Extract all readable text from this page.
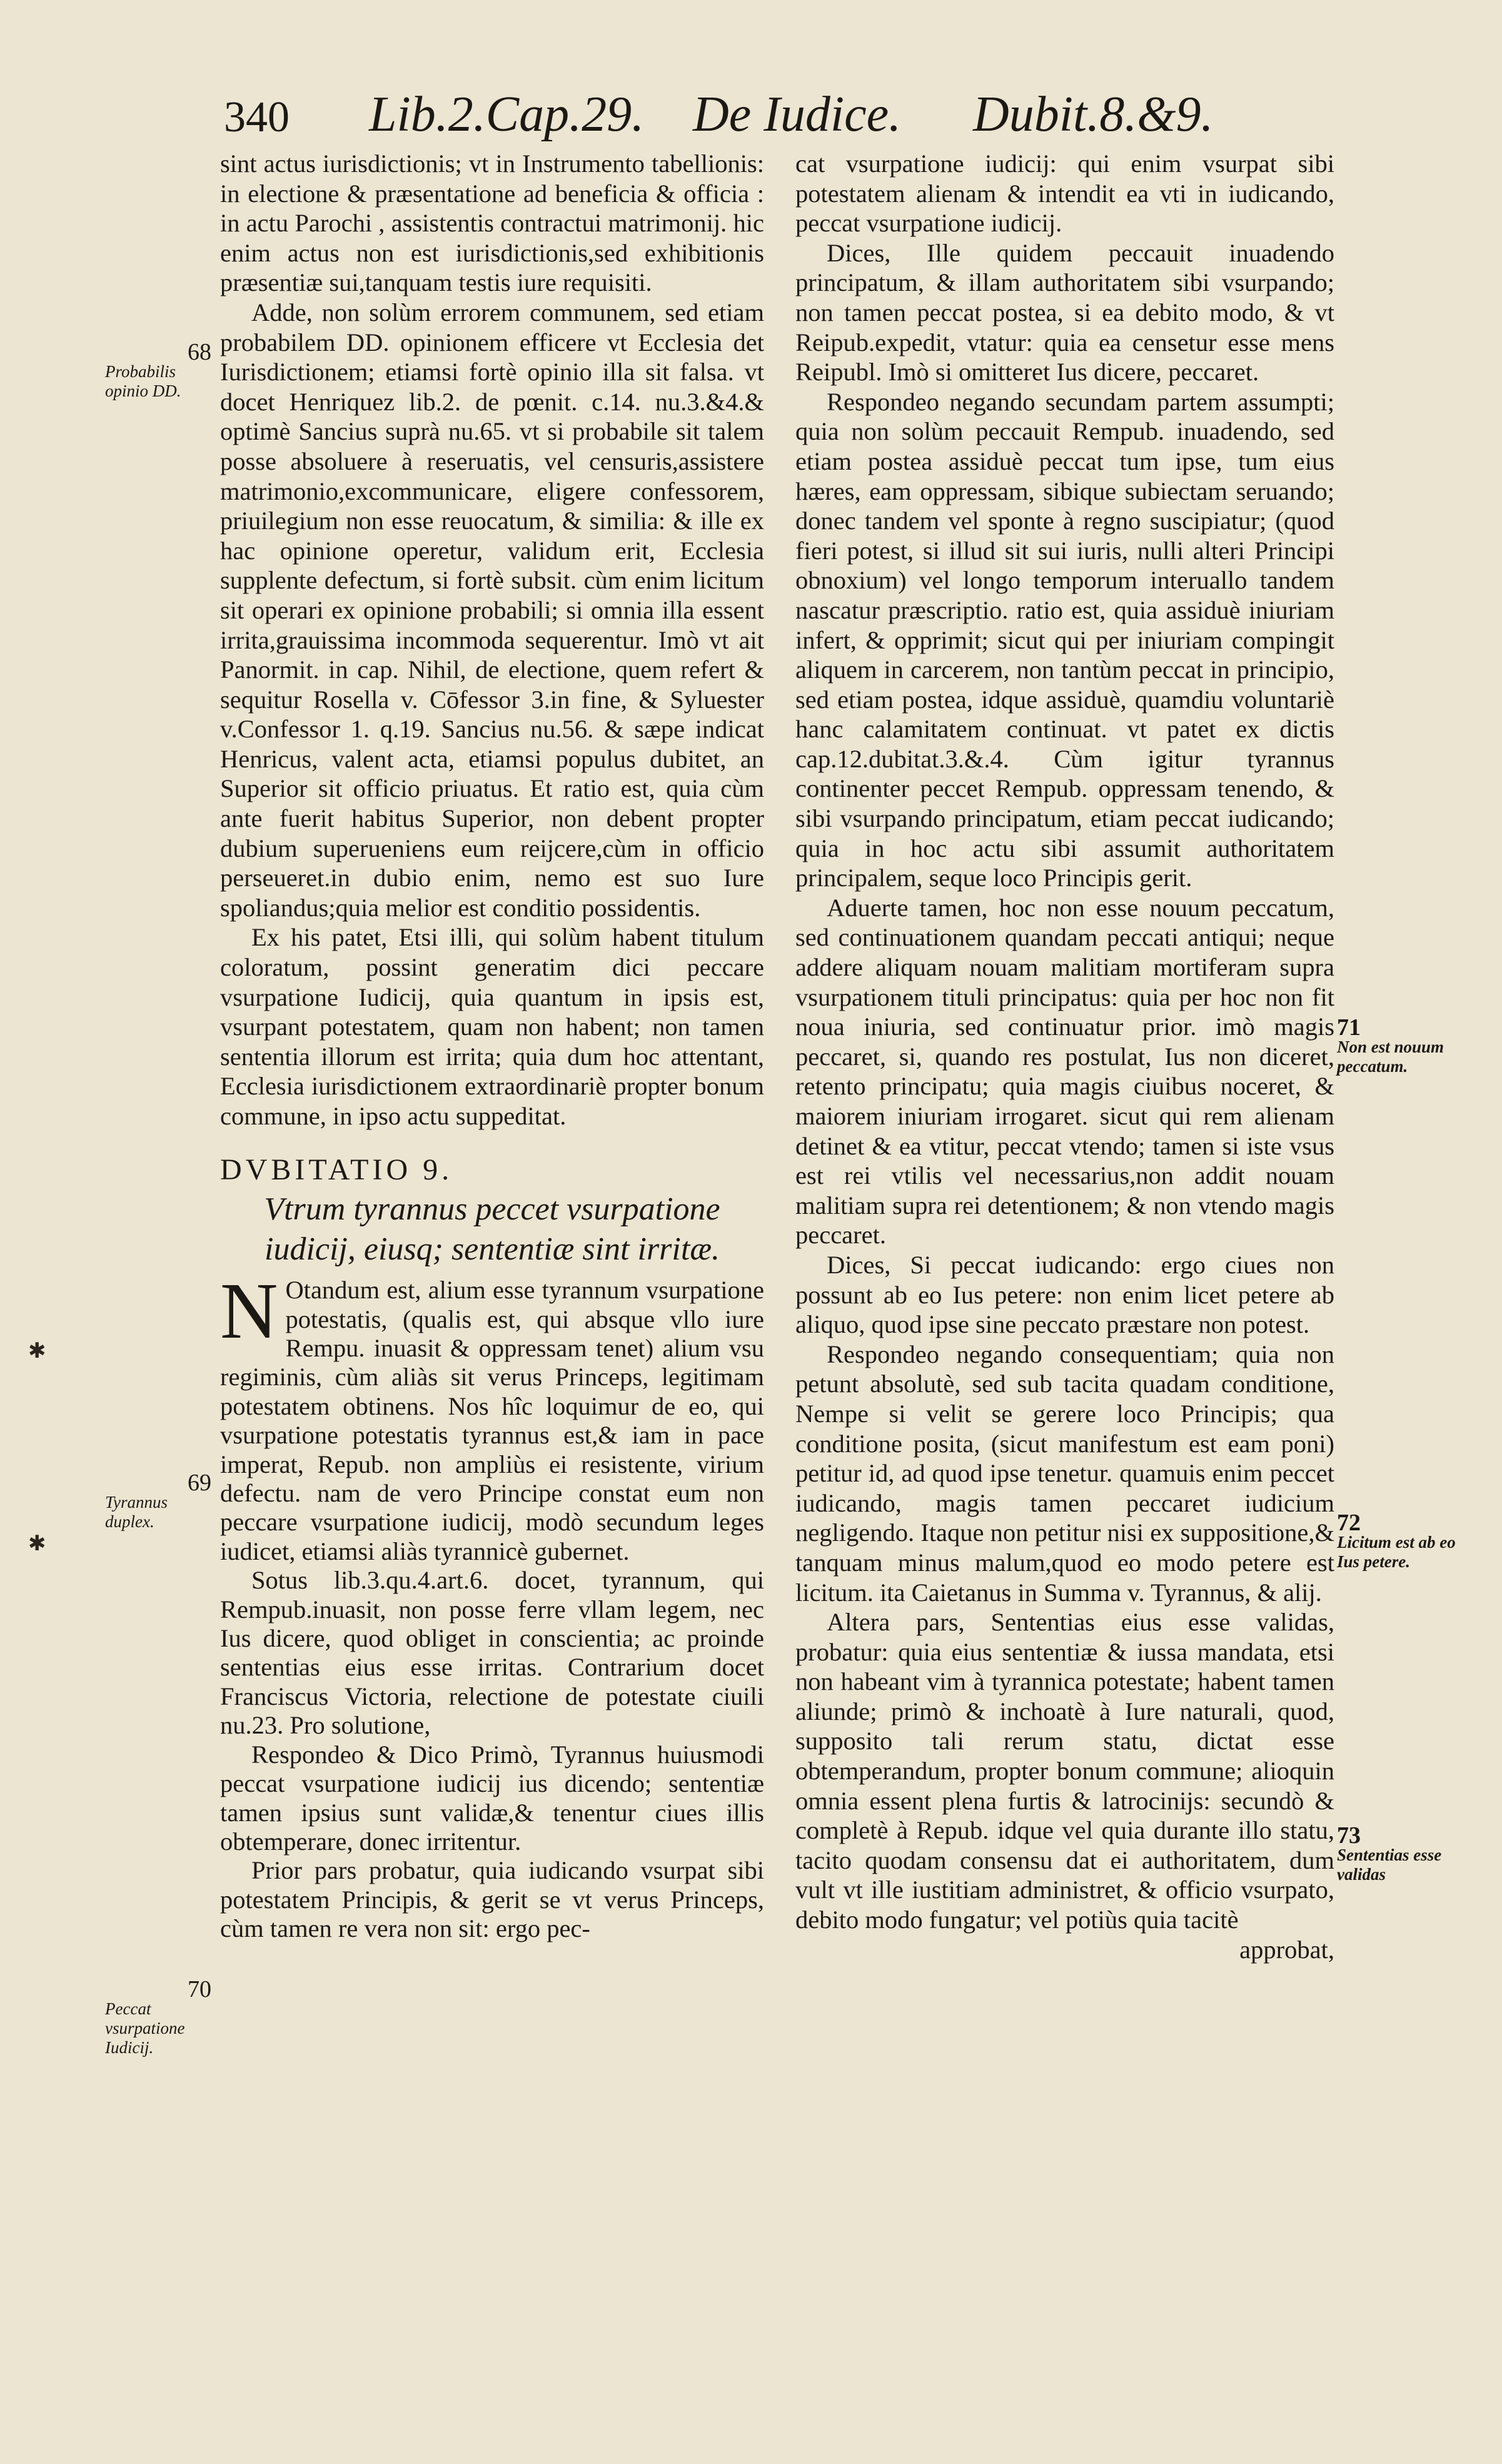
340 Lib.2.Cap.29. De Iudice. Dubit.8.&9.

sint actus iurisdictionis; vt in Instrumento tabellionis: in electione & præsentatione ad beneficia & officia : in actu Parochi , assistentis contractui matrimonij. hic enim actus non est iurisdictionis,sed exhibitionis præsentiæ sui,tanquam testis iure requisiti.

Adde, non solùm errorem communem, sed etiam probabilem DD. opinionem efficere vt Ecclesia det Iurisdictionem; etiamsi fortè opinio illa sit falsa. vt docet Henriquez lib.2. de pœnit. c.14. nu.3.&4.& optimè Sancius suprà nu.65. vt si probabile sit talem posse absoluere à reseruatis, vel censuris,assistere matrimonio,excommunicare, eligere confessorem, priuilegium non esse reuocatum, & similia: & ille ex hac opinione operetur, validum erit, Ecclesia supplente defectum, si fortè subsit. cùm enim licitum sit operari ex opinione probabili; si omnia illa essent irrita,grauissima incommoda sequerentur. Imò vt ait Panormit. in cap. Nihil, de electione, quem refert & sequitur Rosella v. Cōfessor 3.in fine, & Syluester v.Confessor 1. q.19. Sancius nu.56. & sæpe indicat Henricus, valent acta, etiamsi populus dubitet, an Superior sit officio priuatus. Et ratio est, quia cùm ante fuerit habitus Superior, non debent propter dubium superueniens eum reijcere,cùm in officio perseueret.in dubio enim, nemo est suo Iure spoliandus;quia melior est conditio possidentis.

Ex his patet, Etsi illi, qui solùm habent titulum coloratum, possint generatim dici peccare vsurpatione Iudicij, quia quantum in ipsis est, vsurpant potestatem, quam non habent; non tamen sententia illorum est irrita; quia dum hoc attentant, Ecclesia iurisdictionem extraordinariè propter bonum commune, in ipso actu suppeditat.

DVBITATIO 9.

Vtrum tyrannus peccet vsurpatione iudicij, eiusq; sententiæ sint irritæ.

N Otandum est, alium esse tyrannum vsurpatione potestatis, (qualis est, qui absque vllo iure Rempu. inuasit & oppressam tenet) alium vsu regiminis, cùm aliàs sit verus Princeps, legitimam potestatem obtinens. Nos hîc loquimur de eo, qui vsurpatione potestatis tyrannus est,& iam in pace imperat, Repub. non ampliùs ei resistente, virium defectu. nam de vero Principe constat eum non peccare vsurpatione iudicij, modò secundum leges iudicet, etiamsi aliàs tyrannicè gubernet.

Sotus lib.3.qu.4.art.6. docet, tyrannum, qui Rempub.inuasit, non posse ferre vllam legem, nec Ius dicere, quod obliget in conscientia; ac proinde sententias eius esse irritas. Contrarium docet Franciscus Victoria, relectione de potestate ciuili nu.23. Pro solutione,

Respondeo & Dico Primò, Tyrannus huiusmodi peccat vsurpatione iudicij ius dicendo; sententiæ tamen ipsius sunt validæ,& tenentur ciues illis obtemperare, donec irritentur.

Prior pars probatur, quia iudicando vsurpat sibi potestatem Principis, & gerit se vt verus Princeps, cùm tamen re vera non sit: ergo pec-

cat vsurpatione iudicij: qui enim vsurpat sibi potestatem alienam & intendit ea vti in iudicando, peccat vsurpatione iudicij.

Dices, Ille quidem peccauit inuadendo principatum, & illam authoritatem sibi vsurpando; non tamen peccat postea, si ea debito modo, & vt Reipub.expedit, vtatur: quia ea censetur esse mens Reipubl. Imò si omitteret Ius dicere, peccaret.

Respondeo negando secundam partem assumpti; quia non solùm peccauit Rempub. inuadendo, sed etiam postea assiduè peccat tum ipse, tum eius hæres, eam oppressam, sibique subiectam seruando; donec tandem vel sponte à regno suscipiatur; (quod fieri potest, si illud sit sui iuris, nulli alteri Principi obnoxium) vel longo temporum interuallo tandem nascatur præscriptio. ratio est, quia assiduè iniuriam infert, & opprimit; sicut qui per iniuriam compingit aliquem in carcerem, non tantùm peccat in principio, sed etiam postea, idque assiduè, quamdiu voluntariè hanc calamitatem continuat. vt patet ex dictis cap.12.dubitat.3.&.4. Cùm igitur tyrannus continenter peccet Rempub. oppressam tenendo, & sibi vsurpando principatum, etiam peccat iudicando; quia in hoc actu sibi assumit authoritatem principalem, seque loco Principis gerit.

Aduerte tamen, hoc non esse nouum peccatum, sed continuationem quandam peccati antiqui; neque addere aliquam nouam malitiam mortiferam supra vsurpationem tituli principatus: quia per hoc non fit noua iniuria, sed continuatur prior. imò magis peccaret, si, quando res postulat, Ius non diceret, retento principatu; quia magis ciuibus noceret, & maiorem iniuriam irrogaret. sicut qui rem alienam detinet & ea vtitur, peccat vtendo; tamen si iste vsus est rei vtilis vel necessarius,non addit nouam malitiam supra rei detentionem; & non vtendo magis peccaret.

Dices, Si peccat iudicando: ergo ciues non possunt ab eo Ius petere: non enim licet petere ab aliquo, quod ipse sine peccato præstare non potest.

Respondeo negando consequentiam; quia non petunt absolutè, sed sub tacita quadam conditione, Nempe si velit se gerere loco Principis; qua conditione posita, (sicut manifestum est eam poni) petitur id, ad quod ipse tenetur. quamuis enim peccet iudicando, magis tamen peccaret iudicium negligendo. Itaque non petitur nisi ex suppositione,& tanquam minus malum,quod eo modo petere est licitum. ita Caietanus in Summa v. Tyrannus, & alij.

Altera pars, Sententias eius esse validas, probatur: quia eius sententiæ & iussa mandata, etsi non habeant vim à tyrannica potestate; habent tamen aliunde; primò & inchoatè à Iure naturali, quod, supposito tali rerum statu, dictat esse obtemperandum, propter bonum commune; alioquin omnia essent plena furtis & latrocinijs: secundò & completè à Repub. idque vel quia durante illo statu, tacito quodam consensu dat ei authoritatem, dum vult vt ille iustitiam administret, & officio vsurpato, debito modo fungatur; vel potiùs quia tacitè

approbat,

68
Probabilis opinio DD.
69
Tyrannus duplex.
70
Peccat vsurpatione Iudicij.
71
Non est nouum peccatum.
72
Licitum est ab eo Ius petere.
73
Sententias esse validas
✱
✱
